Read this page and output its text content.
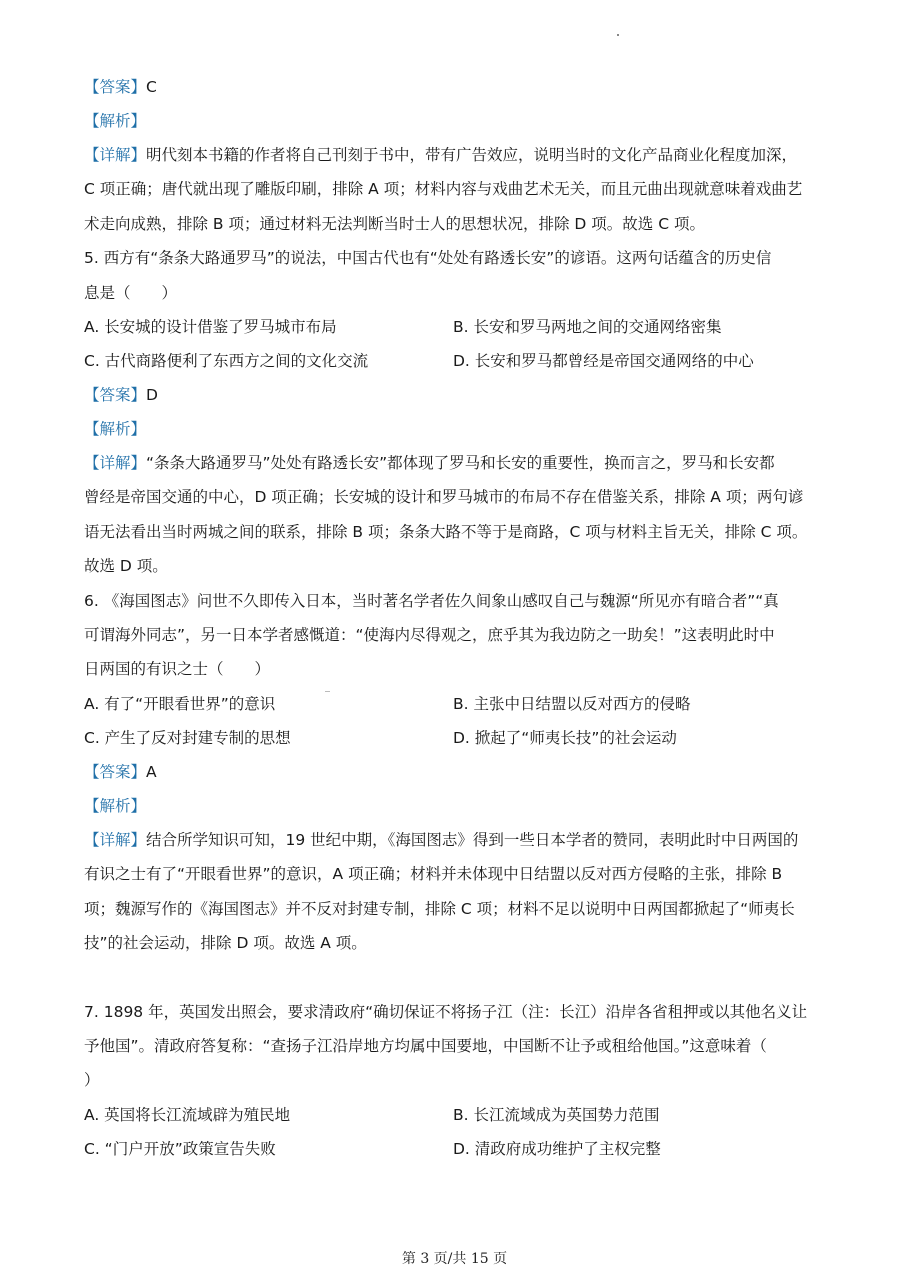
【答案】C
【解析】
【详解】明代刻本书籍的作者将自己刊刻于书中，带有广告效应，说明当时的文化产品商业化程度加深，
C 项正确；唐代就出现了雕版印刷，排除 A 项；材料内容与戏曲艺术无关，而且元曲出现就意味着戏曲艺
术走向成熟，排除 B 项；通过材料无法判断当时士人的思想状况，排除 D 项。故选 C 项。
5. 西方有“条条大路通罗马”的说法，中国古代也有“处处有路透长安”的谚语。这两句话蕴含的历史信
息是（　　）
A. 长安城的设计借鉴了罗马城市布局	B. 长安和罗马两地之间的交通网络密集
C. 古代商路便利了东西方之间的文化交流	D. 长安和罗马都曾经是帝国交通网络的中心
【答案】D
【解析】
【详解】“条条大路通罗马”处处有路透长安”都体现了罗马和长安的重要性，换而言之，罗马和长安都
曾经是帝国交通的中心，D 项正确；长安城的设计和罗马城市的布局不存在借鉴关系，排除 A 项；两句谚
语无法看出当时两城之间的联系，排除 B 项；条条大路不等于是商路，C 项与材料主旨无关，排除 C 项。
故选 D 项。
6. 《海国图志》问世不久即传入日本，当时著名学者佐久间象山感叹自己与魏源“所见亦有暗合者”“真
可谓海外同志”，另一日本学者感慨道：“使海内尽得观之，庶乎其为我边防之一助矣！”这表明此时中
日两国的有识之士（　　）
A. 有了“开眼看世界”的意识	B. 主张中日结盟以反对西方的侵略
C. 产生了反对封建专制的思想	D. 掀起了“师夷长技”的社会运动
【答案】A
【解析】
【详解】结合所学知识可知，19 世纪中期，《海国图志》得到一些日本学者的赞同，表明此时中日两国的
有识之士有了“开眼看世界”的意识，A 项正确；材料并未体现中日结盟以反对西方侵略的主张，排除 B
项；魏源写作的《海国图志》并不反对封建专制，排除 C 项；材料不足以说明中日两国都掀起了“师夷长
技”的社会运动，排除 D 项。故选 A 项。
7. 1898 年，英国发出照会，要求清政府“确切保证不将扬子江（注：长江）沿岸各省租押或以其他名义让
予他国”。清政府答复称：“查扬子江沿岸地方均属中国要地，中国断不让予或租给他国。”这意味着（
）
A. 英国将长江流域辟为殖民地	B. 长江流域成为英国势力范围
C. “门户开放”政策宣告失败	D. 清政府成功维护了主权完整
第 3 页/共 15 页
